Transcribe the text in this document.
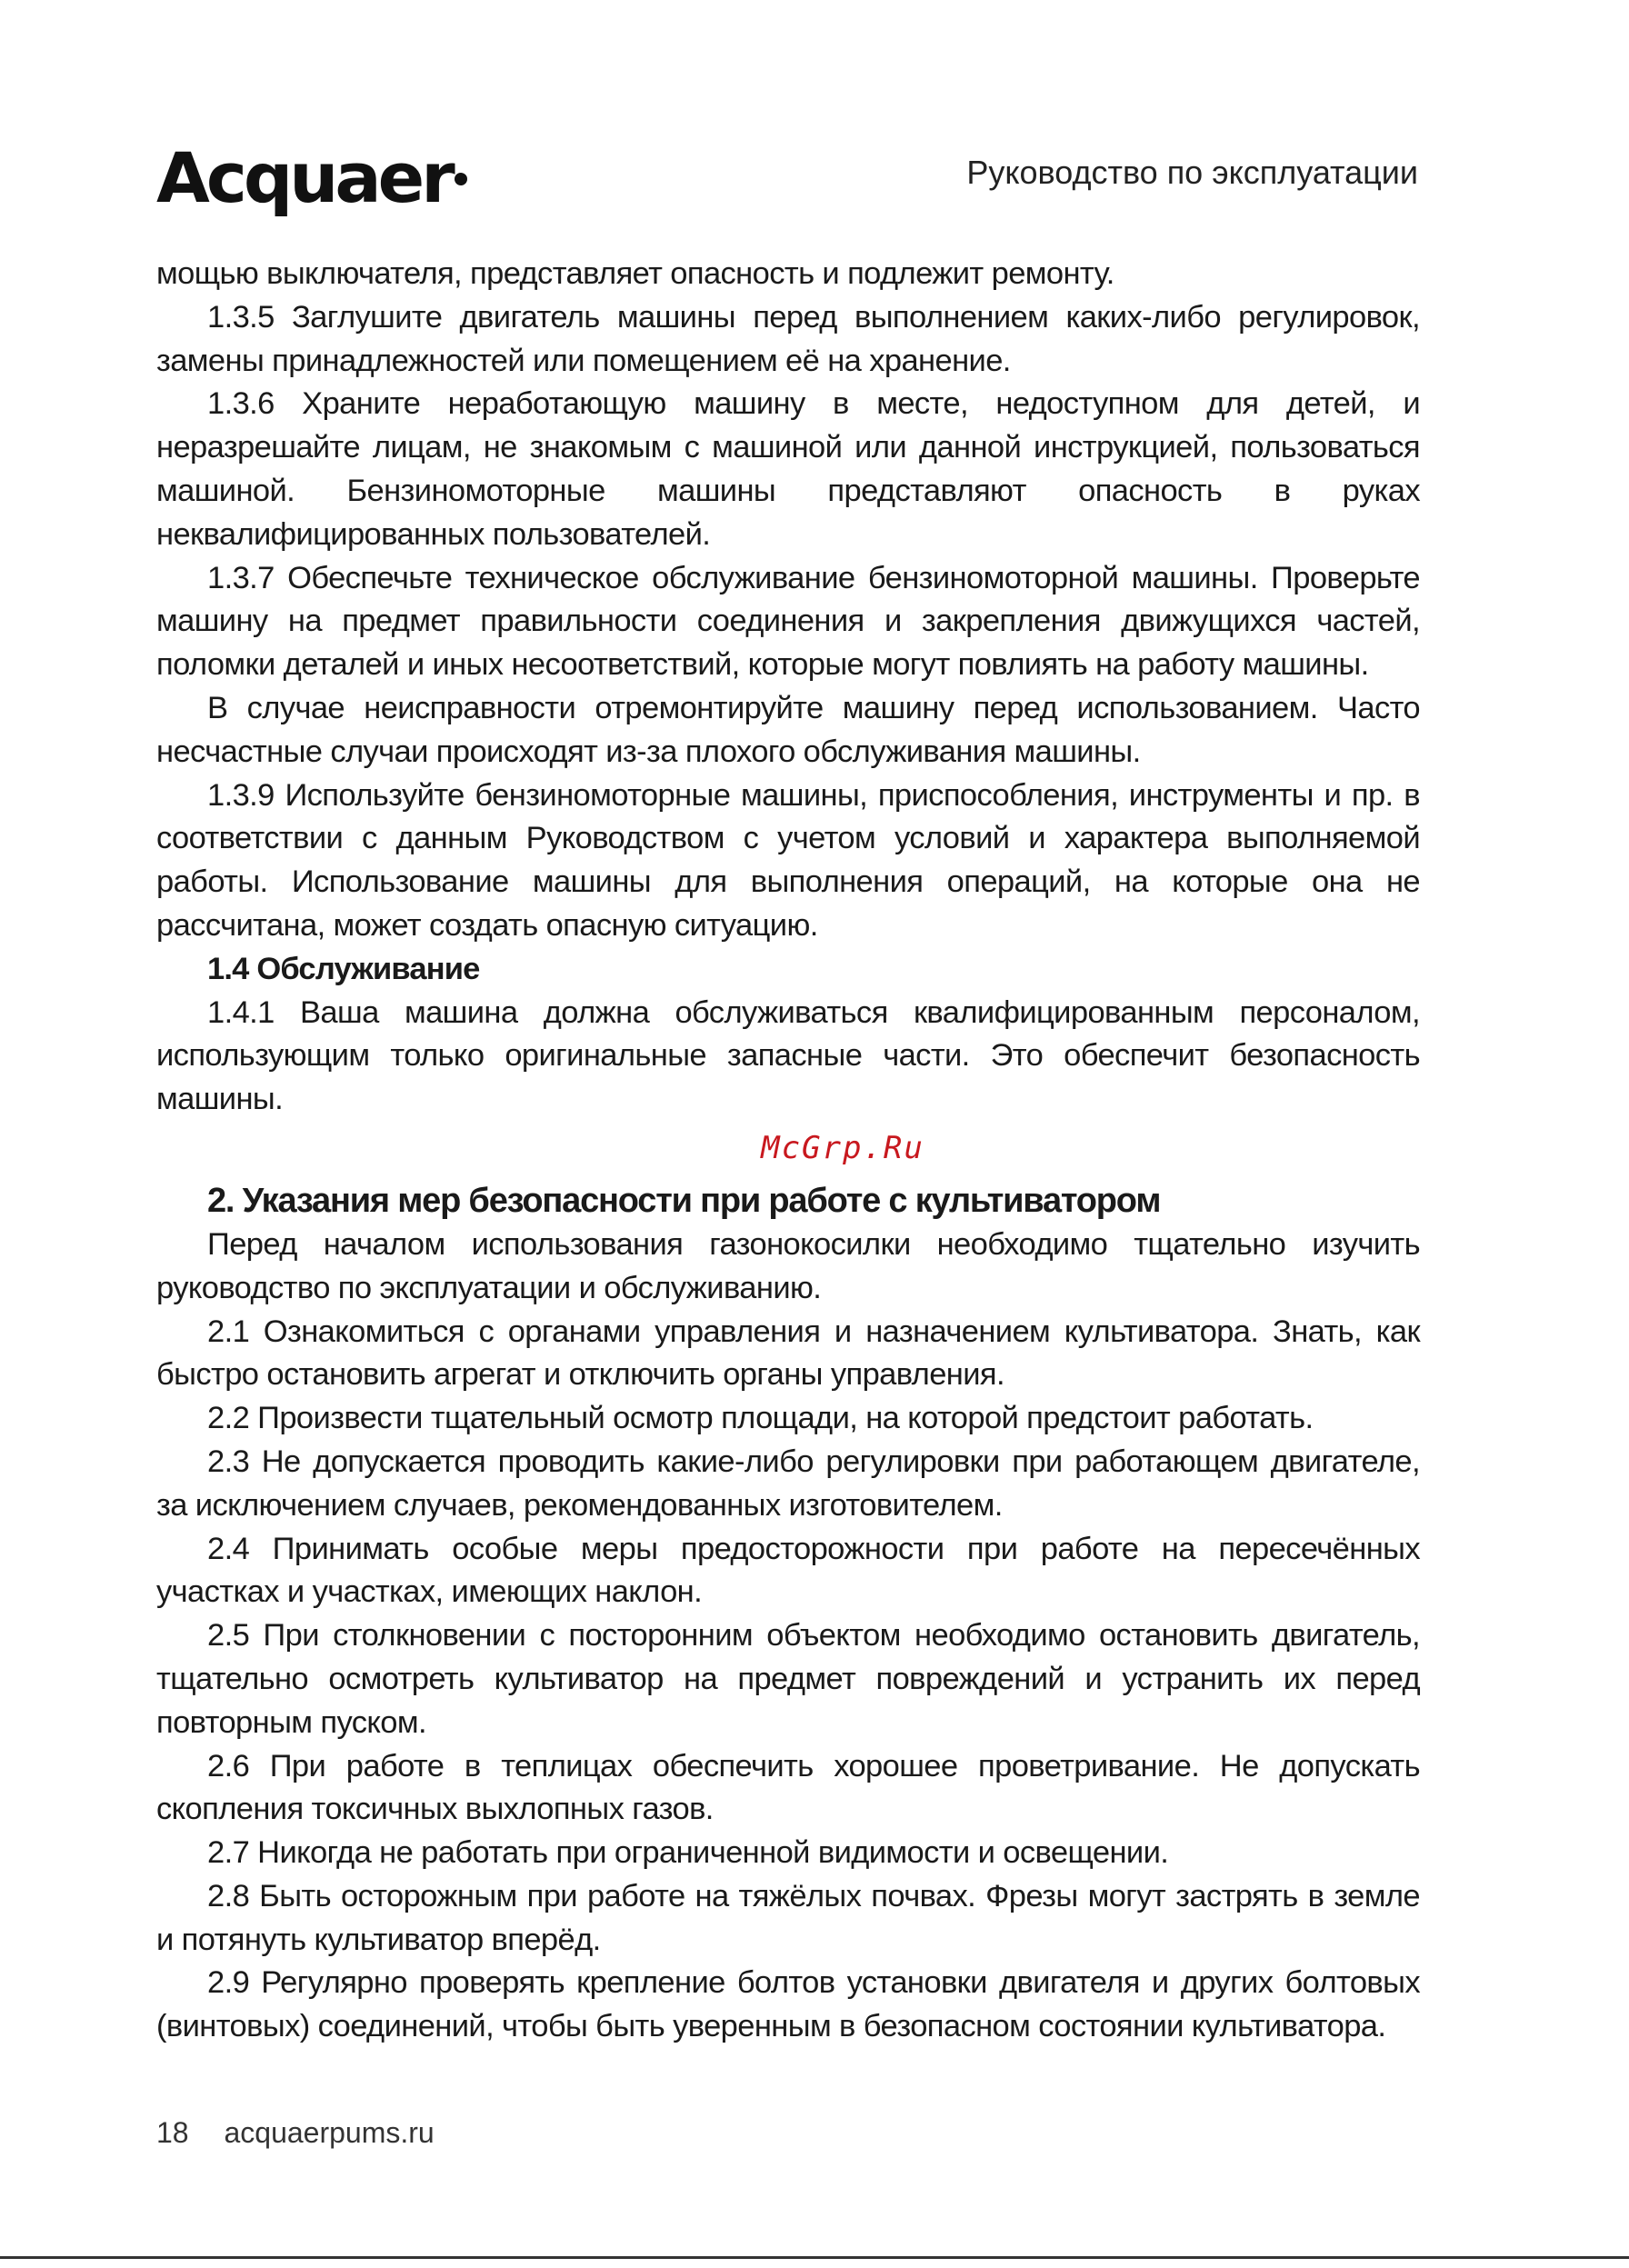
Acquaer	Руководство по эксплуатации

мощью выключателя, представляет опасность и подлежит ремонту.

1.3.5 Заглушите двигатель машины перед выполнением каких-либо регулировок, замены принадлежностей или помещением её на хранение.

1.3.6 Храните неработающую машину в месте, недоступном для детей, и неразрешайте лицам, не знакомым с машиной или данной инструкцией, пользоваться машиной. Бензиномоторные машины представляют опасность в руках неквалифицированных пользователей.

1.3.7 Обеспечьте техническое обслуживание бензиномоторной машины. Проверьте машину на предмет правильности соединения и закрепления движущихся частей, поломки деталей и иных несоответствий, которые могут повлиять на работу машины.

В случае неисправности отремонтируйте машину перед использованием. Часто несчастные случаи происходят из-за плохого обслуживания машины.

1.3.9 Используйте бензиномоторные машины, приспособления, инструменты и пр. в соответствии с данным Руководством с учетом условий и характера выполняемой работы. Использование машины для выполнения операций, на которые она не рассчитана, может создать опасную ситуацию.

1.4 Обслуживание

1.4.1 Ваша машина должна обслуживаться квалифицированным персоналом, использующим только оригинальные запасные части. Это обеспечит безопасность машины.

McGrp.Ru

2. Указания мер безопасности при работе с культиватором

Перед началом использования газонокосилки необходимо тщательно изучить руководство по эксплуатации и обслуживанию.

2.1 Ознакомиться с органами управления и назначением культиватора. Знать, как быстро остановить агрегат и отключить органы управления.

2.2 Произвести тщательный осмотр площади, на которой предстоит работать.

2.3 Не допускается проводить какие-либо регулировки при работающем двигателе, за исключением случаев, рекомендованных изготовителем.

2.4 Принимать особые меры предосторожности при работе на пересечённых участках и участках, имеющих наклон.

2.5 При столкновении с посторонним объектом необходимо остановить двигатель, тщательно осмотреть культиватор на предмет повреждений и устранить их перед повторным пуском.

2.6 При работе в теплицах обеспечить хорошее проветривание. Не допускать скопления токсичных выхлопных газов.

2.7 Никогда не работать при ограниченной видимости и освещении.

2.8 Быть осторожным при работе на тяжёлых почвах. Фрезы могут застрять в земле и потянуть культиватор вперёд.

2.9 Регулярно проверять крепление болтов установки двигателя и других болтовых (винтовых) соединений, чтобы быть уверенным в безопасном состоянии культиватора.

18 acquaerpums.ru
